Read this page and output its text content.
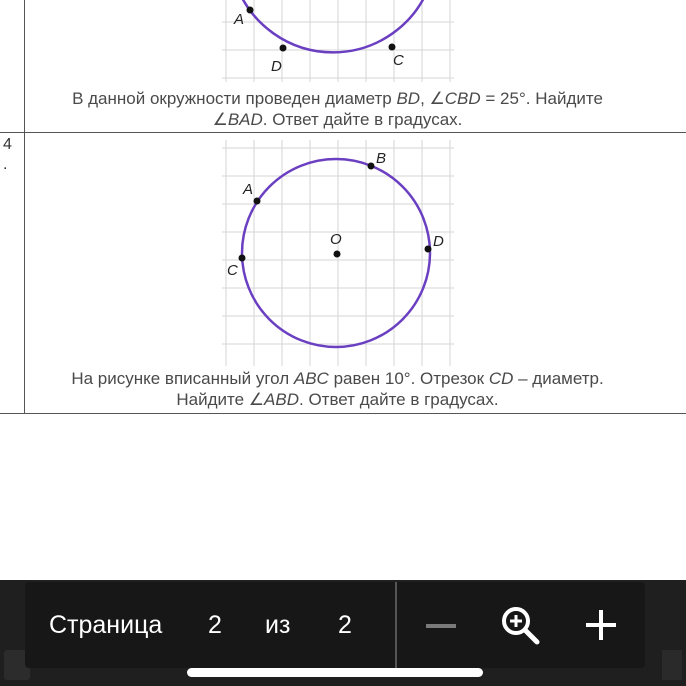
A
D	C
В данной окружности проведен диаметр BD, ∠CBD = 25°. Найдите
∠BAD. Ответ дайте в градусах.
4
.	B
A
O
C
D
На рисунке вписанный угол ABC равен 10°. Отрезок CD – диаметр.
Найдите ∠ABD. Ответ дайте в градусах.
Страница 2 из 2
